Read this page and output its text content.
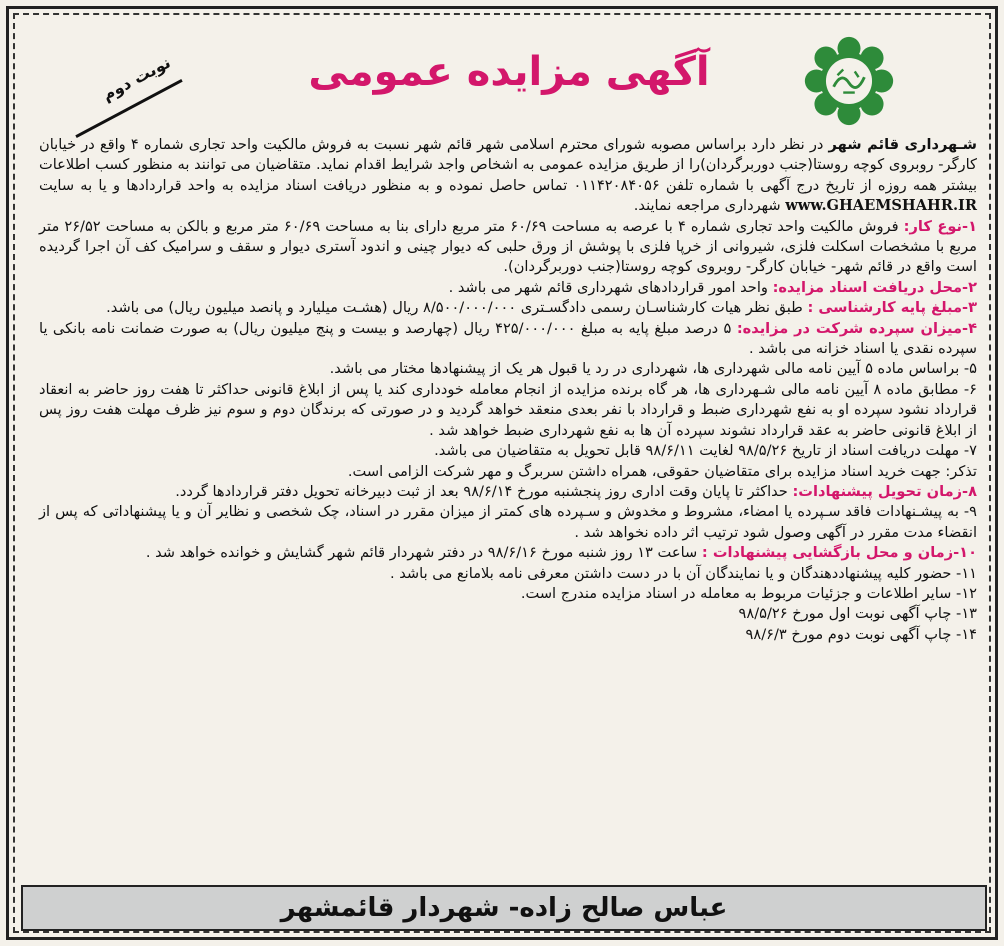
آگهی مزایده عمومی
نوبت دوم

شـهرداری قائم شهر در نظر دارد براساس مصوبه شورای محترم اسلامی شهر قائم شهر نسبت به فروش مالکیت واحد تجاری شماره ۴ واقع در خیابان کارگر- روبروی کوچه روستا(جنب دوربرگردان)را از طریق مزایده عمومی به اشخاص واجد شرایط اقدام نماید. متقاضیان می توانند به منظور کسب اطلاعات بیشتر همه روزه از تاریخ درج آگهی با شماره تلفن ۰۱۱۴۲۰۸۴۰۵۶ تماس حاصل نموده و به منظور دریافت اسناد مزایده به واحد قراردادها و یا به سایت www.GHAEMSHAHR.IR شهرداری مراجعه نمایند.

۱-نوع کار: فروش مالکیت واحد تجاری شماره ۴ با عرصه به مساحت ۶۰/۶۹ متر مربع دارای بنا به مساحت ۶۰/۶۹ متر مربع و بالکن به مساحت ۲۶/۵۲ متر مربع با مشخصات اسکلت فلزی، شیروانی از خرپا فلزی با پوشش از ورق حلبی که دیوار چینی و اندود آستری دیوار و سقف و سرامیک کف آن اجرا گردیده است واقع در قائم شهر- خیابان کارگر- روبروی کوچه روستا(جنب دوربرگردان).

۲-محل دریافت اسناد مزایده: واحد امور قراردادهای شهرداری قائم شهر می باشد .

۳-مبلغ پایه کارشناسی : طبق نظر هیات کارشناسـان رسمی دادگسـتری ۸/۵۰۰/۰۰۰/۰۰۰ ریال (هشـت میلیارد و پانصد میلیون ریال) می باشد.

۴-میزان سپرده شرکت در مزایده: ۵ درصد مبلغ پایه به مبلغ ۴۲۵/۰۰۰/۰۰۰ ریال (چهارصد و بیست و پنج میلیون ریال) به صورت ضمانت نامه بانکی یا سپرده نقدی یا اسناد خزانه می باشد .

۵- براساس ماده ۵ آیین نامه مالی شهرداری ها، شهرداری در رد یا قبول هر یک از پیشنهادها مختار می باشد.

۶- مطابق ماده ۸ آیین نامه مالی شـهرداری ها، هر گاه برنده مزایده از انجام معامله خودداری کند یا پس از ابلاغ قانونی حداکثر تا هفت روز حاضر به انعقاد قرارداد نشود سپرده او به نفع شهرداری ضبط و قرارداد با نفر بعدی منعقد خواهد گردید و در صورتی که برندگان دوم و سوم نیز ظرف مهلت هفت روز پس از ابلاغ قانونی حاضر به عقد قرارداد نشوند سپرده آن ها به نفع شهرداری ضبط خواهد شد .

۷- مهلت دریافت اسناد از تاریخ ۹۸/۵/۲۶ لغایت ۹۸/۶/۱۱ قابل تحویل به متقاضیان می باشد.

تذکر: جهت خرید اسناد مزایده برای متقاضیان حقوقی، همراه داشتن سربرگ و مهر شرکت الزامی است.

۸-زمان تحویل پیشنهادات: حداکثر تا پایان وقت اداری روز پنجشنبه مورخ ۹۸/۶/۱۴ بعد از ثبت دبیرخانه تحویل دفتر قراردادها گردد.

۹- به پیشـنهادات فاقد سـپرده یا امضاء، مشروط و مخدوش و سـپرده های کمتر از میزان مقرر در اسناد، چک شخصی و نظایر آن و یا پیشنهاداتی که پس از انقضاء مدت مقرر در آگهی وصول شود ترتیب اثر داده نخواهد شد .

۱۰-زمان و محل بازگشایی پیشنهادات : ساعت ۱۳ روز شنبه مورخ ۹۸/۶/۱۶ در دفتر شهردار قائم شهر گشایش و خوانده خواهد شد .

۱۱- حضور کلیه پیشنهاددهندگان و یا نمایندگان آن با در دست داشتن معرفی نامه بلامانع می باشد .

۱۲- سایر اطلاعات و جزئیات مربوط به معامله در اسناد مزایده مندرج است.

۱۳- چاپ آگهی نوبت اول مورخ ۹۸/۵/۲۶

۱۴- چاپ آگهی نوبت دوم مورخ ۹۸/۶/۳

عباس صالح زاده- شهردار قائمشهر
